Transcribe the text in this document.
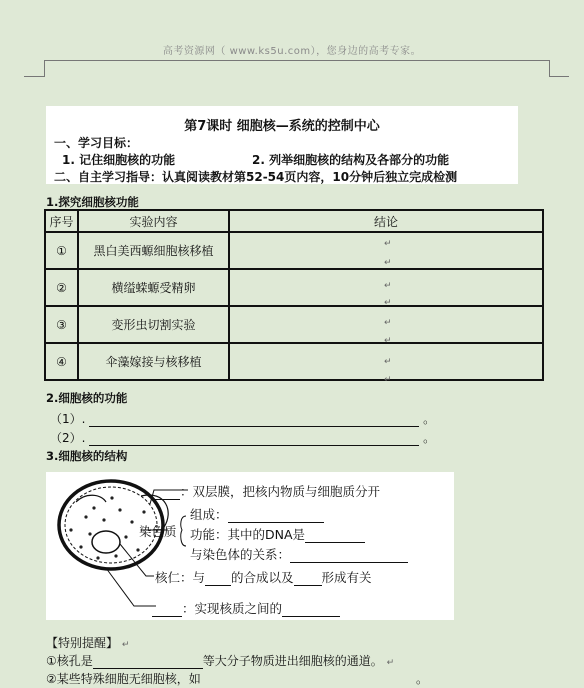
高考资源网（ www.ks5u.com），您身边的高考专家。
第7课时 细胞核—系统的控制中心
一、学习目标：
1. 记住细胞核的功能	2. 列举细胞核的结构及各部分的功能
二、自主学习指导：认真阅读教材第52-54页内容，10分钟后独立完成检测
1.探究细胞核功能
序号	实验内容	结论
①	黑白美西螈细胞核移植	
②	横缢蝾螈受精卵	
③	变形虫切割实验	
④	伞藻嫁接与核移植	
↵
↵
↵
↵
↵
↵
↵
↵
2.细胞核的功能
（1）.	。
（2）.	。
3.细胞核的结构
：双层膜，把核内物质与细胞质分开
组成：
染色质 功能：其中的DNA是
与染色体的关系：
核仁：与 的合成以及 形成有关
：实现核质之间的
【特别提醒】 ↵
①核孔是	等大分子物质进出细胞核的通道。 ↵
②某些特殊细胞无细胞核，如	。
